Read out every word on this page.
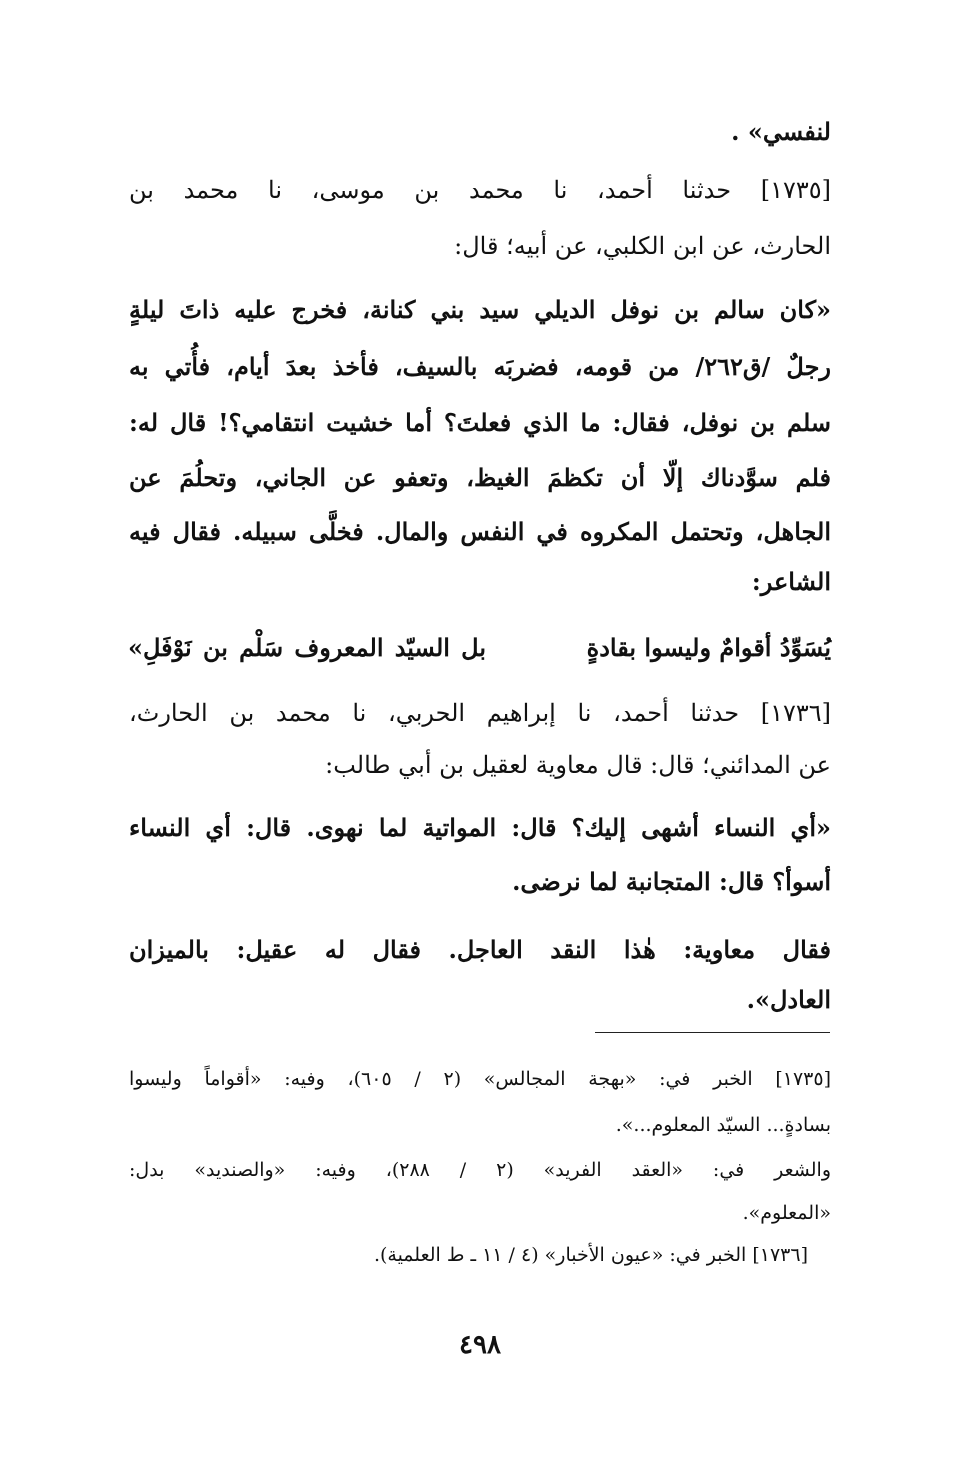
لنفسي» .
[١٧٣٥] حدثنا أحمد، نا محمد بن موسى، نا محمد بن
الحارث، عن ابن الكلبي، عن أبيه؛ قال:
«كان سالم بن نوفل الديلي سيد بني كنانة، فخرج عليه ذاتَ ليلةٍ
رجلٌ /ق٢٦٢/ من قومه، فضربَه بالسيف، فأخذ بعدَ أيام، فأُتي به
سلم بن نوفل، فقال: ما الذي فعلتَ؟ أما خشيت انتقامي؟! قال له:
فلم سوَّدناك إلّا أن تكظمَ الغيظ، وتعفو عن الجاني، وتحلُمَ عن
الجاهل، وتحتمل المكروه في النفس والمال. فخلَّى سبيله. فقال فيه
الشاعر:
يُسَوِّدُ أقوامٌ وليسوا بقادةٍ
بل السيّد المعروف سَلْم بن نَوْفَلِ»
[١٧٣٦] حدثنا أحمد، نا إبراهيم الحربي، نا محمد بن الحارث،
عن المدائني؛ قال: قال معاوية لعقيل بن أبي طالب:
«أي النساء أشهى إليك؟ قال: المواتية لما نهوى. قال: أي النساء
أسوأ؟ قال: المتجانبة لما نرضى.
فقال معاوية: هٰذا النقد العاجل. فقال له عقيل: بالميزان
العادل».
[١٧٣٥] الخبر في: «بهجة المجالس» (٢ / ٦٠٥)، وفيه: «أقواماً وليسوا
بسادةٍ... السيّد المعلوم...».
والشعر في: «العقد الفريد» (٢ / ٢٨٨)، وفيه: «والصنديد» بدل:
«المعلوم».
[١٧٣٦] الخبر في: «عيون الأخبار» (٤ / ١١ ـ ط العلمية).
٤٩٨
